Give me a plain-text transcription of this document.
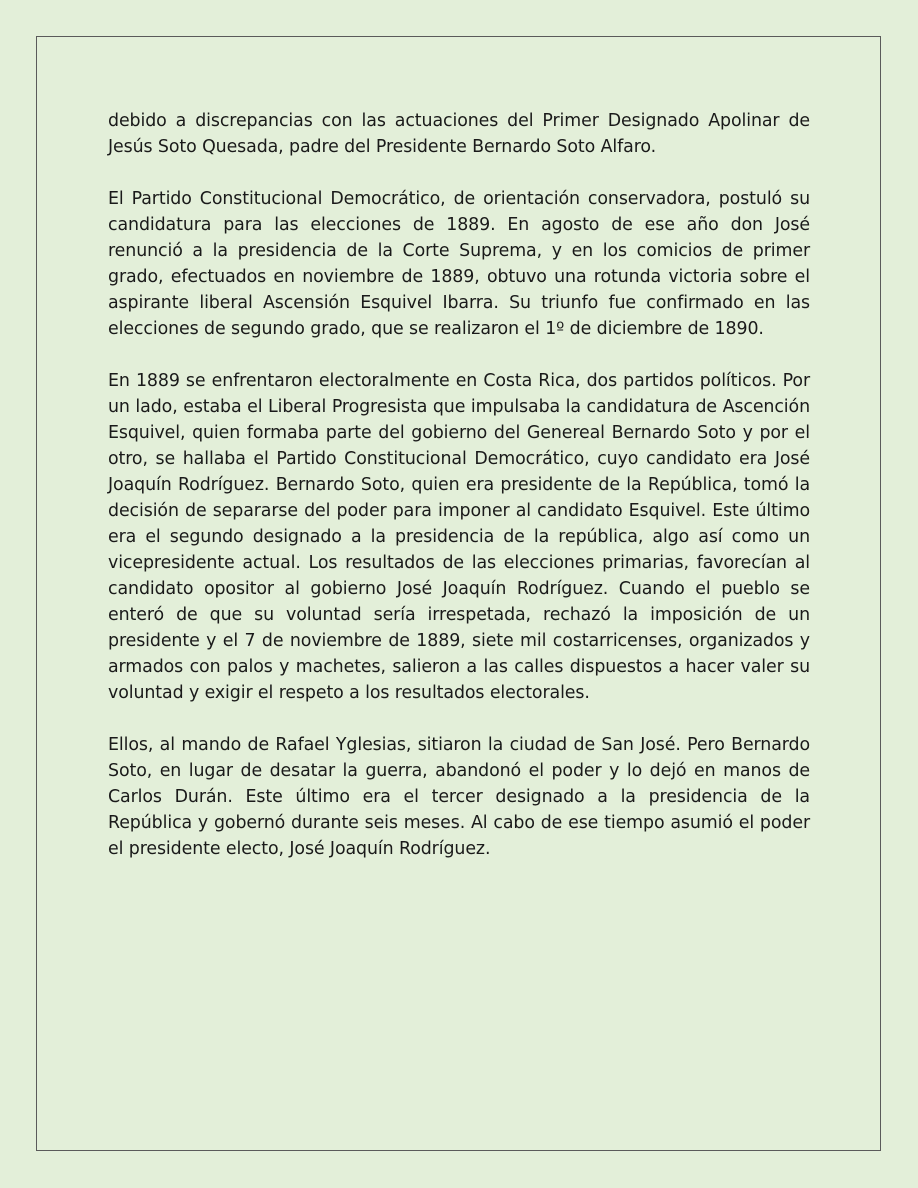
debido a discrepancias con las actuaciones del Primer Designado Apolinar de Jesús Soto Quesada, padre del Presidente Bernardo Soto Alfaro.

El Partido Constitucional Democrático, de orientación conservadora, postuló su candidatura para las elecciones de 1889. En agosto de ese año don José renunció a la presidencia de la Corte Suprema, y en los comicios de primer grado, efectuados en noviembre de 1889, obtuvo una rotunda victoria sobre el aspirante liberal Ascensión Esquivel Ibarra. Su triunfo fue confirmado en las elecciones de segundo grado, que se realizaron el 1º de diciembre de 1890.

En 1889 se enfrentaron electoralmente en Costa Rica, dos partidos políticos. Por un lado, estaba el Liberal Progresista que impulsaba la candidatura de Ascención Esquivel, quien formaba parte del gobierno del Genereal Bernardo Soto y por el otro, se hallaba el Partido Constitucional Democrático, cuyo candidato era José Joaquín Rodríguez. Bernardo Soto, quien era presidente de la República, tomó la decisión de separarse del poder para imponer al candidato Esquivel. Este último era el segundo designado a la presidencia de la república, algo así como un vicepresidente actual. Los resultados de las elecciones primarias, favorecían al candidato opositor al gobierno José Joaquín Rodríguez. Cuando el pueblo se enteró de que su voluntad sería irrespetada, rechazó la imposición de un presidente y el 7 de noviembre de 1889, siete mil costarricenses, organizados y armados con palos y machetes, salieron a las calles dispuestos a hacer valer su voluntad y exigir el respeto a los resultados electorales.

Ellos, al mando de Rafael Yglesias, sitiaron la ciudad de San José. Pero Bernardo Soto, en lugar de desatar la guerra, abandonó el poder y lo dejó en manos de Carlos Durán. Este último era el tercer designado a la presidencia de la República y gobernó durante seis meses. Al cabo de ese tiempo asumió el poder el presidente electo, José Joaquín Rodríguez.
